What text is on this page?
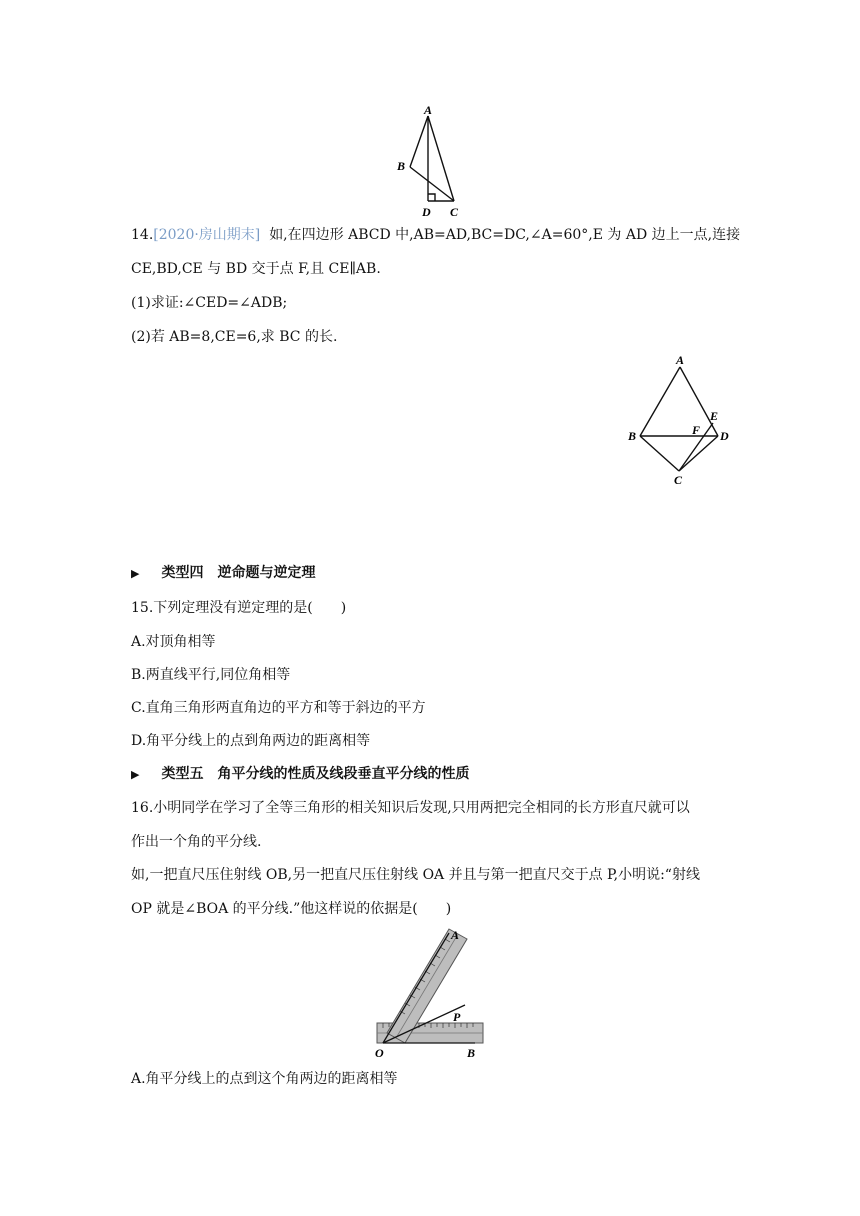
A
B
D C
14.[2020·房山期末] 如,在四边形 ABCD 中,AB=AD,BC=DC,∠A=60°,E 为 AD 边上一点,连接
CE,BD,CE 与 BD 交于点 F,且 CE∥AB.
(1)求证:∠CED=∠ADB;
(2)若 AB=8,CE=6,求 BC 的长.
A
B
E
F D
C
▶ 类型四　逆命题与逆定理
15.下列定理没有逆定理的是(　　)
A.对顶角相等
B.两直线平行,同位角相等
C.直角三角形两直角边的平方和等于斜边的平方
D.角平分线上的点到角两边的距离相等
▶ 类型五　角平分线的性质及线段垂直平分线的性质
16.小明同学在学习了全等三角形的相关知识后发现,只用两把完全相同的长方形直尺就可以
作出一个角的平分线.
如,一把直尺压住射线 OB,另一把直尺压住射线 OA 并且与第一把直尺交于点 P,小明说:“射线
OP 就是∠BOA 的平分线.”他这样说的依据是(　　)
A
P
O	B
A.角平分线上的点到这个角两边的距离相等
